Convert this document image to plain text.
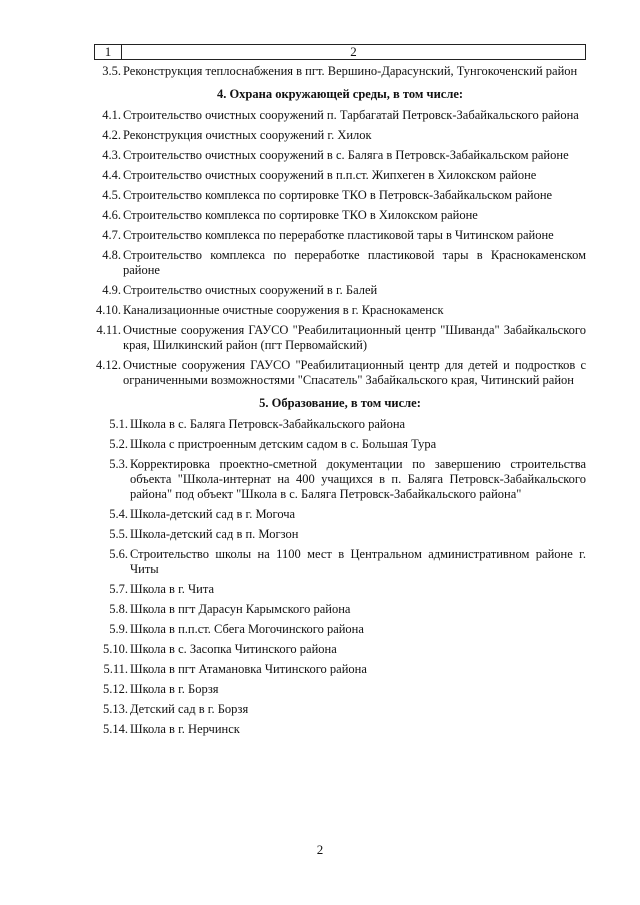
1	2
3.5. Реконструкция теплоснабжения в пгт. Вершино-Дарасунский, Тунгокоченский район
4. Охрана окружающей среды, в том числе:
4.1. Строительство очистных сооружений п. Тарбагатай Петровск-Забайкальского района
4.2. Реконструкция очистных сооружений г. Хилок
4.3. Строительство очистных сооружений в с. Баляга в Петровск-Забайкальском районе
4.4. Строительство очистных сооружений в п.п.ст. Жипхеген в Хилокском районе
4.5. Строительство комплекса по сортировке ТКО в Петровск-Забайкальском районе
4.6. Строительство комплекса по сортировке ТКО в Хилокском районе
4.7. Строительство комплекса по переработке пластиковой тары в Читинском районе
4.8. Строительство комплекса по переработке пластиковой тары в Краснокаменском районе
4.9. Строительство очистных сооружений в г. Балей
4.10. Канализационные очистные сооружения в г. Краснокаменск
4.11. Очистные сооружения ГАУСО "Реабилитационный центр "Шиванда" Забайкальского края, Шилкинский район (пгт Первомайский)
4.12. Очистные сооружения ГАУСО "Реабилитационный центр для детей и подростков с ограниченными возможностями "Спасатель" Забайкальского края, Читинский район
5. Образование, в том числе:
5.1. Школа в с. Баляга Петровск-Забайкальского района
5.2. Школа с пристроенным детским садом в с. Большая Тура
5.3. Корректировка проектно-сметной документации по завершению строительства объекта "Школа-интернат на 400 учащихся в п. Баляга Петровск-Забайкальского района" под объект "Школа в с. Баляга Петровск-Забайкальского района"
5.4. Школа-детский сад в г. Могоча
5.5. Школа-детский сад в п. Могзон
5.6. Строительство школы на 1100 мест в Центральном административном районе г. Читы
5.7. Школа в г. Чита
5.8. Школа в пгт Дарасун Карымского района
5.9. Школа в п.п.ст. Сбега Могочинского района
5.10. Школа в с. Засопка Читинского района
5.11. Школа в пгт Атамановка Читинского района
5.12. Школа в г. Борзя
5.13. Детский сад в г. Борзя
5.14. Школа в г. Нерчинск
2
